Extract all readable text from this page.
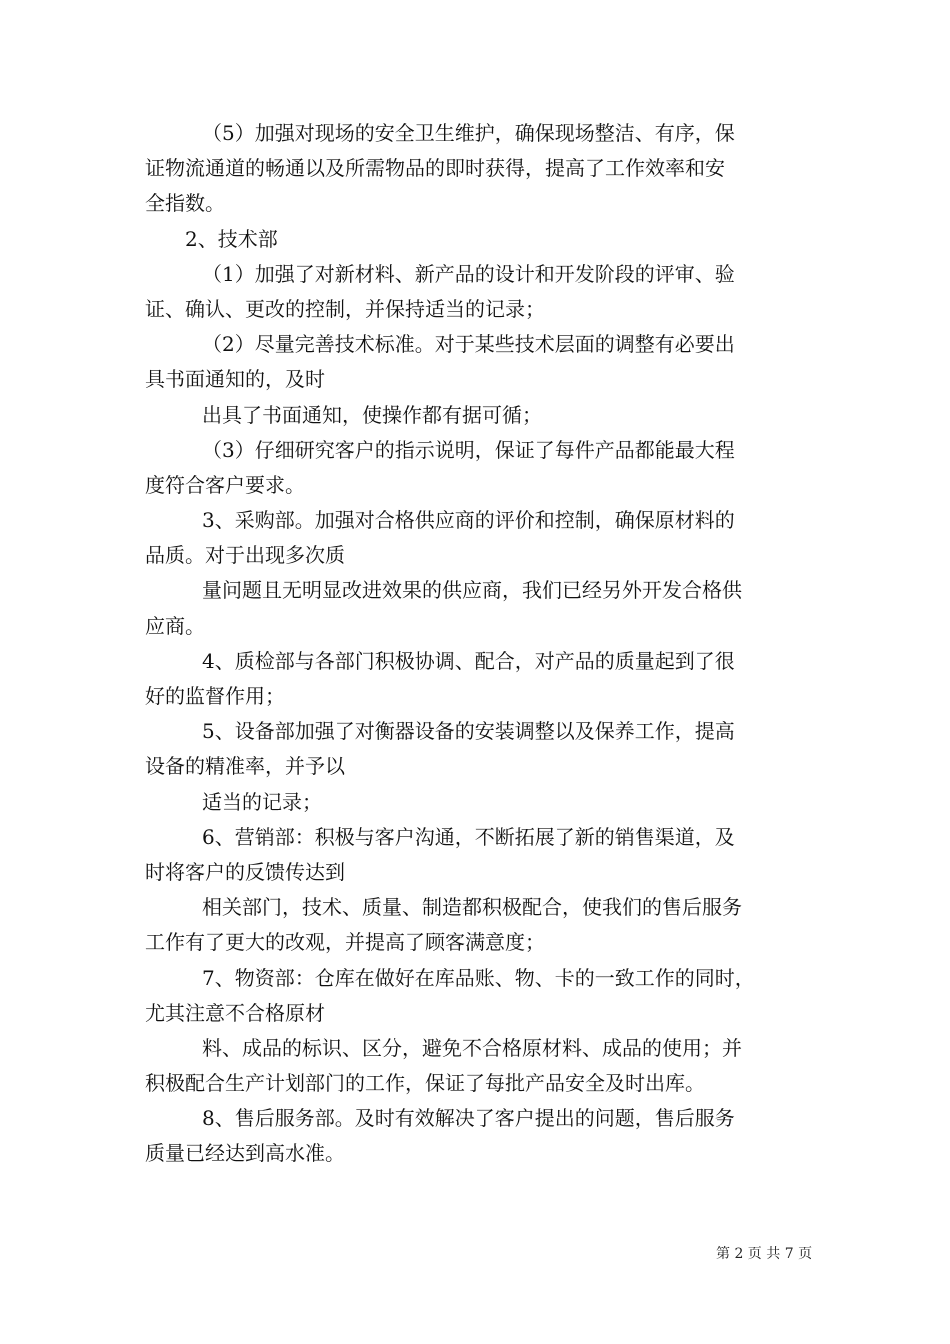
（5）加强对现场的安全卫生维护，确保现场整洁、有序，保
证物流通道的畅通以及所需物品的即时获得，提高了工作效率和安
全指数。
2、技术部
（1）加强了对新材料、新产品的设计和开发阶段的评审、验
证、确认、更改的控制，并保持适当的记录；
（2）尽量完善技术标准。对于某些技术层面的调整有必要出
具书面通知的，及时
出具了书面通知，使操作都有据可循；
（3）仔细研究客户的指示说明，保证了每件产品都能最大程
度符合客户要求。
3、采购部。加强对合格供应商的评价和控制，确保原材料的
品质。对于出现多次质
量问题且无明显改进效果的供应商，我们已经另外开发合格供
应商。
4、质检部与各部门积极协调、配合，对产品的质量起到了很
好的监督作用；
5、设备部加强了对衡器设备的安装调整以及保养工作，提高
设备的精准率，并予以
适当的记录；
6、营销部：积极与客户沟通，不断拓展了新的销售渠道，及
时将客户的反馈传达到
相关部门，技术、质量、制造都积极配合，使我们的售后服务
工作有了更大的改观，并提高了顾客满意度；
7、物资部：仓库在做好在库品账、物、卡的一致工作的同时，
尤其注意不合格原材
料、成品的标识、区分，避免不合格原材料、成品的使用；并
积极配合生产计划部门的工作，保证了每批产品安全及时出库。
8、售后服务部。及时有效解决了客户提出的问题，售后服务
质量已经达到高水准。
第 2 页 共 7 页
